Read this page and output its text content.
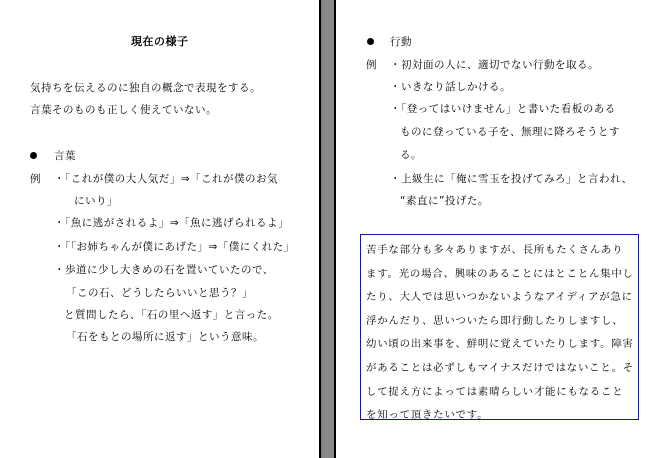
現在の様子
気持ちを伝えるのに独自の概念で表現をする。
言葉そのものも正しく使えていない。
言葉
例 ・「これが僕の大人気だ」⇒「これが僕のお気
にいり」
・「魚に逃がされるよ」⇒「魚に逃げられるよ」
・「「お姉ちゃんが僕にあげた」⇒「僕にくれた」
・歩道に少し大きめの石を置いていたので、
「この石、どうしたらいいと思う？」
と質問したら、「石の里へ返す」と言った。
「石をもとの場所に返す」という意味。
行動
例 ・初対面の人に、適切でない行動を取る。
・いきなり話しかける。
・「登ってはいけません」と書いた看板のある
ものに登っている子を、無理に降ろそうとす
る。
・上級生に「俺に雪玉を投げてみろ」と言われ、
“素直に”投げた。
苦手な部分も多々ありますが、長所もたくさんあります。光の場合、興味のあることにはとことん集中したり、大人では思いつかないようなアイディアが急に浮かんだり、思いついたら即行動したりしますし、幼い頃の出来事を、鮮明に覚えていたりします。障害があることは必ずしもマイナスだけではないこと。そして捉え方によっては素晴らしい才能にもなることを知って頂きたいです。
